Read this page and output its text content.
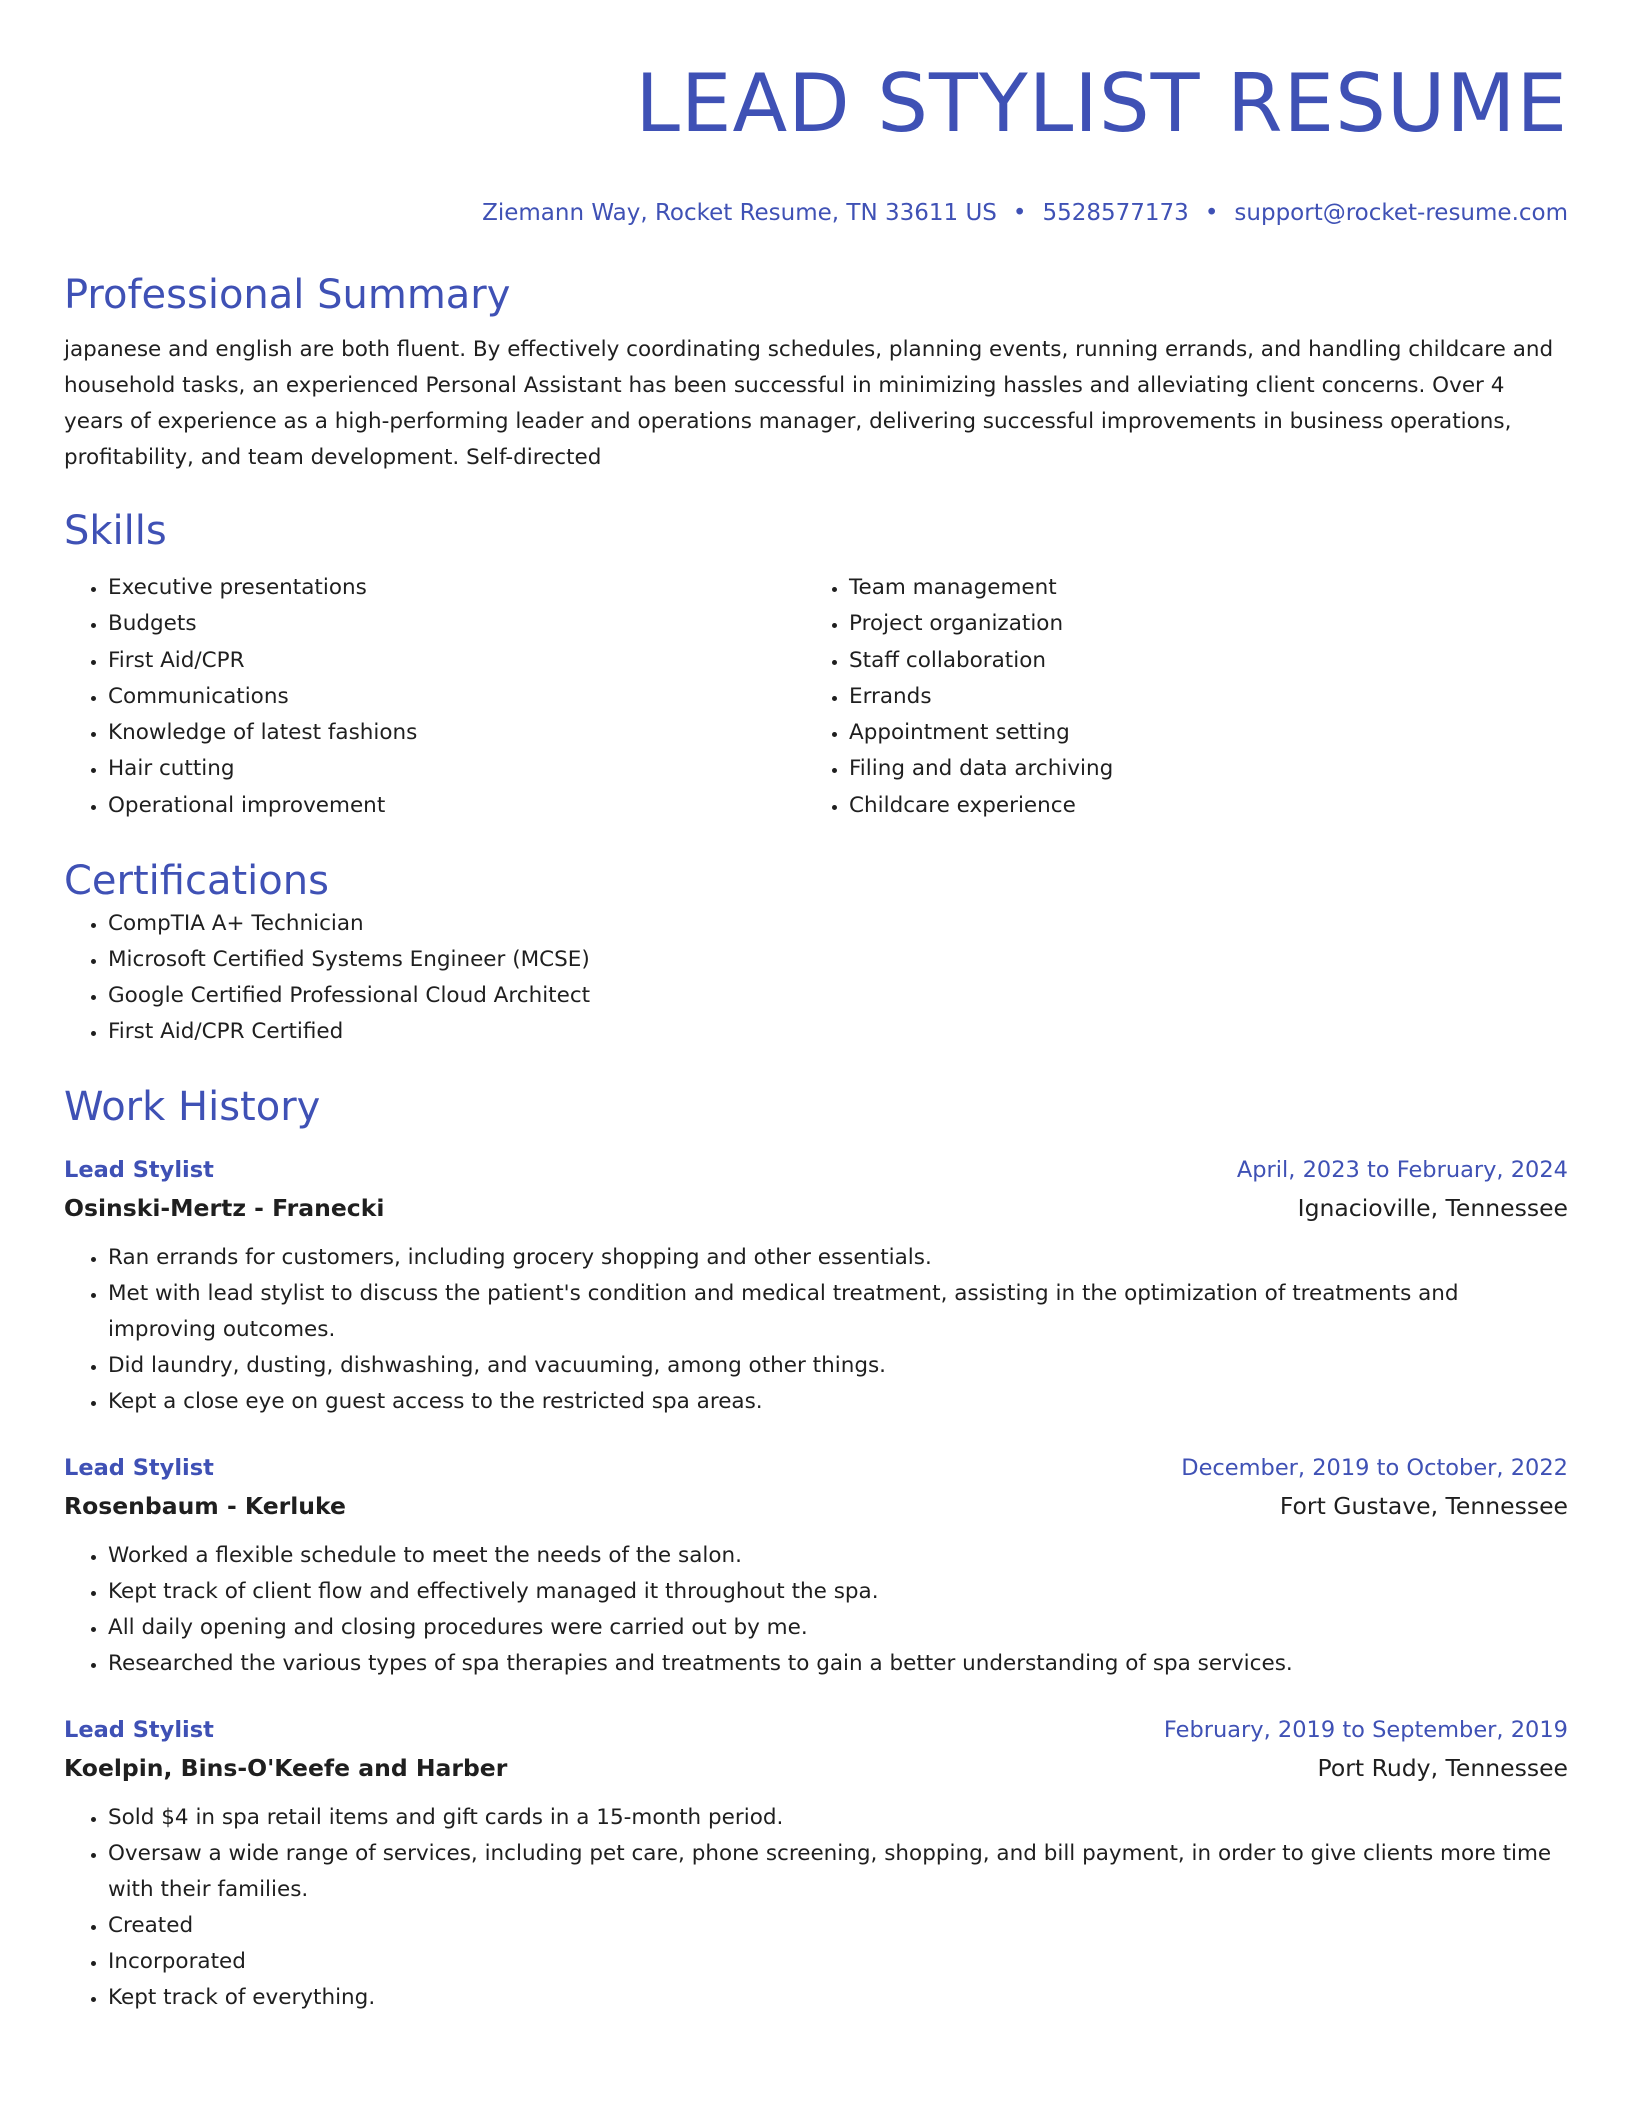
LEAD STYLIST RESUME
Ziemann Way, Rocket Resume, TN 33611 US • 5528577173 • support@rocket-resume.com
Professional Summary

japanese and english are both fluent. By effectively coordinating schedules, planning events, running errands, and handling childcare and household tasks, an experienced Personal Assistant has been successful in minimizing hassles and alleviating client concerns. Over 4 years of experience as a high-performing leader and operations manager, delivering successful improvements in business operations, profitability, and team development. Self-directed

Skills
• Executive presentations
• Budgets
• First Aid/CPR
• Communications
• Knowledge of latest fashions
• Hair cutting
• Operational improvement
• Team management
• Project organization
• Staff collaboration
• Errands
• Appointment setting
• Filing and data archiving
• Childcare experience
Certifications
• CompTIA A+ Technician
• Microsoft Certified Systems Engineer (MCSE)
• Google Certified Professional Cloud Architect
• First Aid/CPR Certified
Work History
Lead Stylist	April, 2023 to February, 2024
Osinski-Mertz - Franecki	Ignacioville, Tennessee
• Ran errands for customers, including grocery shopping and other essentials.
• Met with lead stylist to discuss the patient's condition and medical treatment, assisting in the optimization of treatments and improving outcomes.
• Did laundry, dusting, dishwashing, and vacuuming, among other things.
• Kept a close eye on guest access to the restricted spa areas.
Lead Stylist	December, 2019 to October, 2022
Rosenbaum - Kerluke	Fort Gustave, Tennessee
• Worked a flexible schedule to meet the needs of the salon.
• Kept track of client flow and effectively managed it throughout the spa.
• All daily opening and closing procedures were carried out by me.
• Researched the various types of spa therapies and treatments to gain a better understanding of spa services.
Lead Stylist	February, 2019 to September, 2019
Koelpin, Bins-O'Keefe and Harber	Port Rudy, Tennessee
• Sold $4 in spa retail items and gift cards in a 15-month period.
• Oversaw a wide range of services, including pet care, phone screening, shopping, and bill payment, in order to give clients more time with their families.
• Created
• Incorporated
• Kept track of everything.
